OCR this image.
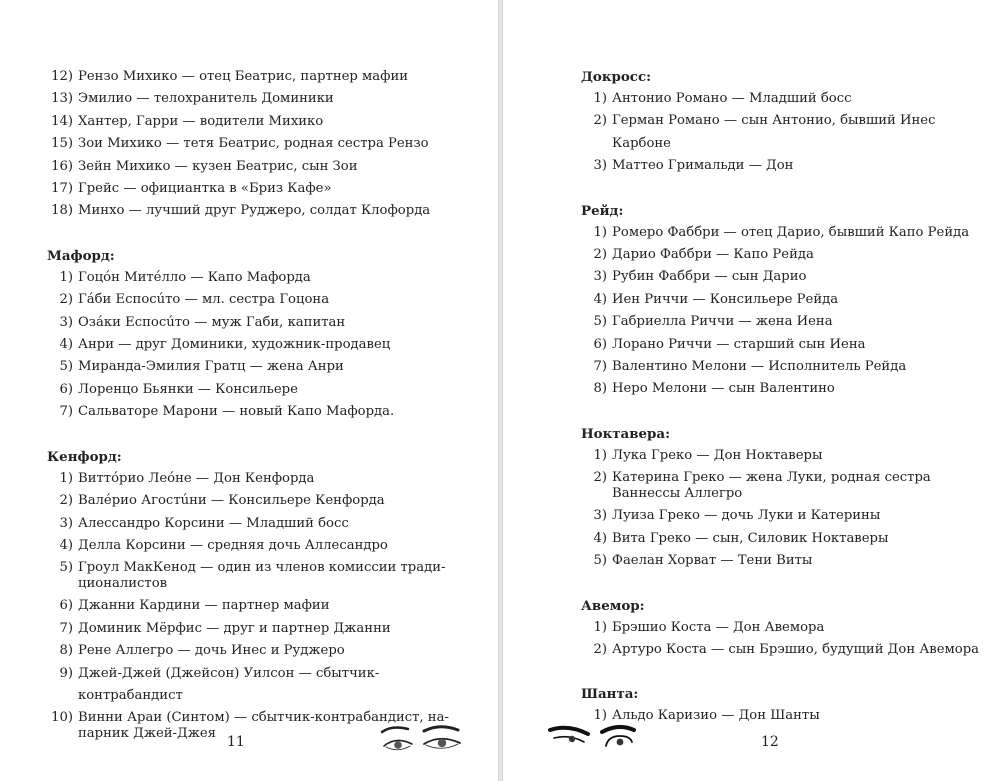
12) Рензо Михико — отец Беатрис, партнер мафии
13) Эмилио — телохранитель Доминики
14) Хантер, Гарри — водители Михико
15) Зои Михико — тетя Беатрис, родная сестра Рензо
16) Зейн Михико — кузен Беатрис, сын Зои
17) Грейс — официантка в «Бриз Кафе»
18) Минхо — лучший друг Руджеро, солдат Клофорда
Мафорд:
1) Гоцóн Митéлло — Капо Мафорда
2) Гáби Еспосúто — мл. сестра Гоцона
3) Озáки Еспосúто — муж Габи, капитан
4) Анри — друг Доминики, художник-продавец
5) Миранда-Эмилия Гратц — жена Анри
6) Лоренцо Бьянки — Консильере
7) Сальваторе Марони — новый Капо Мафорда.
Кенфорд:
1) Виттóрио Леóне — Дон Кенфорда
2) Валéрио Агостúни — Консильере Кенфорда
3) Алессандро Корсини — Младший босс
4) Делла Корсини — средняя дочь Аллесандро
5) Гроул МакКенод — один из членов комиссии тради-ционалистов
6) Джанни Кардини — партнер мафии
7) Доминик Мёрфис — друг и партнер Джанни
8) Рене Аллегро — дочь Инес и Руджеро
9) Джей-Джей (Джейсон) Уилсон — сбытчик-контрабандист
10) Винни Араи (Синтом) — сбытчик-контрабандист, на-парник Джей-Джея
11
Докросс:
1) Антонио Романо — Младший босс
2) Герман Романо — сын Антонио, бывший Инес Карбоне
3) Маттео Гримальди — Дон
Рейд:
1) Ромеро Фаббри — отец Дарио, бывший Капо Рейда
2) Дарио Фаббри — Капо Рейда
3) Рубин Фаббри — сын Дарио
4) Иен Риччи — Консильере Рейда
5) Габриелла Риччи — жена Иена
6) Лорано Риччи — старший сын Иена
7) Валентино Мелони — Исполнитель Рейда
8) Неро Мелони — сын Валентино
Ноктавера:
1) Лука Греко — Дон Ноктаверы
2) Катерина Греко — жена Луки, родная сестра Ваннессы Аллегро
3) Луиза Греко — дочь Луки и Катерины
4) Вита Греко — сын, Силовик Ноктаверы
5) Фаелан Хорват — Тени Виты
Авемор:
1) Брэшио Коста — Дон Авемора
2) Артуро Коста — сын Брэшио, будущий Дон Авемора
Шанта:
1) Альдо Каризио — Дон Шанты
12
